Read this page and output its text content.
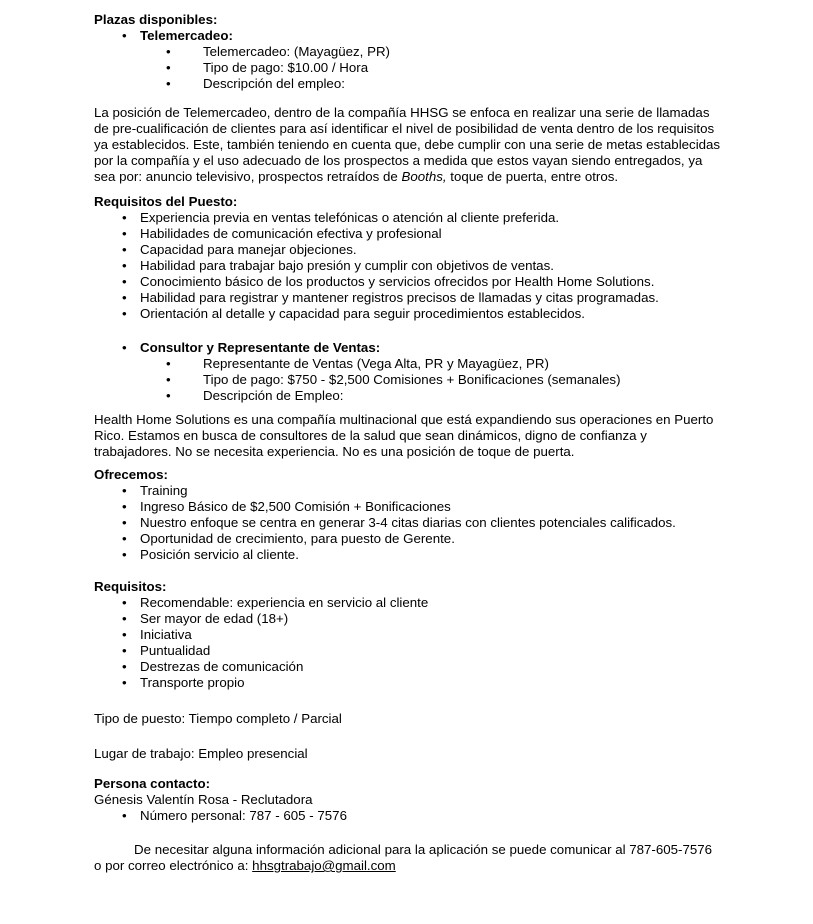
Plazas disponibles:
• Telemercadeo:
• Telemercadeo: (Mayagüez, PR)
• Tipo de pago: $10.00 / Hora
• Descripción del empleo:

La posición de Telemercadeo, dentro de la compañía HHSG se enfoca en realizar una serie de llamadas de pre-cualificación de clientes para así identificar el nivel de posibilidad de venta dentro de los requisitos ya establecidos. Este, también teniendo en cuenta que, debe cumplir con una serie de metas establecidas por la compañía y el uso adecuado de los prospectos a medida que estos vayan siendo entregados, ya sea por: anuncio televisivo, prospectos retraídos de Booths, toque de puerta, entre otros.

Requisitos del Puesto:
• Experiencia previa en ventas telefónicas o atención al cliente preferida.
• Habilidades de comunicación efectiva y profesional
• Capacidad para manejar objeciones.
• Habilidad para trabajar bajo presión y cumplir con objetivos de ventas.
• Conocimiento básico de los productos y servicios ofrecidos por Health Home Solutions.
• Habilidad para registrar y mantener registros precisos de llamadas y citas programadas.
• Orientación al detalle y capacidad para seguir procedimientos establecidos.
• Consultor y Representante de Ventas:
• Representante de Ventas (Vega Alta, PR y Mayagüez, PR)
• Tipo de pago: $750 - $2,500 Comisiones + Bonificaciones (semanales)
• Descripción de Empleo:

Health Home Solutions es una compañía multinacional que está expandiendo sus operaciones en Puerto Rico. Estamos en busca de consultores de la salud que sean dinámicos, digno de confianza y trabajadores. No se necesita experiencia. No es una posición de toque de puerta.

Ofrecemos:
• Training
• Ingreso Básico de $2,500 Comisión + Bonificaciones
• Nuestro enfoque se centra en generar 3-4 citas diarias con clientes potenciales calificados.
• Oportunidad de crecimiento, para puesto de Gerente.
• Posición servicio al cliente.
Requisitos:
• Recomendable: experiencia en servicio al cliente
• Ser mayor de edad (18+)
• Iniciativa
• Puntualidad
• Destrezas de comunicación
• Transporte propio

Tipo de puesto: Tiempo completo / Parcial

Lugar de trabajo: Empleo presencial

Persona contacto:
Génesis Valentín Rosa - Reclutadora
• Número personal: 787 - 605 - 7576

De necesitar alguna información adicional para la aplicación se puede comunicar al 787-605-7576 o por correo electrónico a: hhsgtrabajo@gmail.com
